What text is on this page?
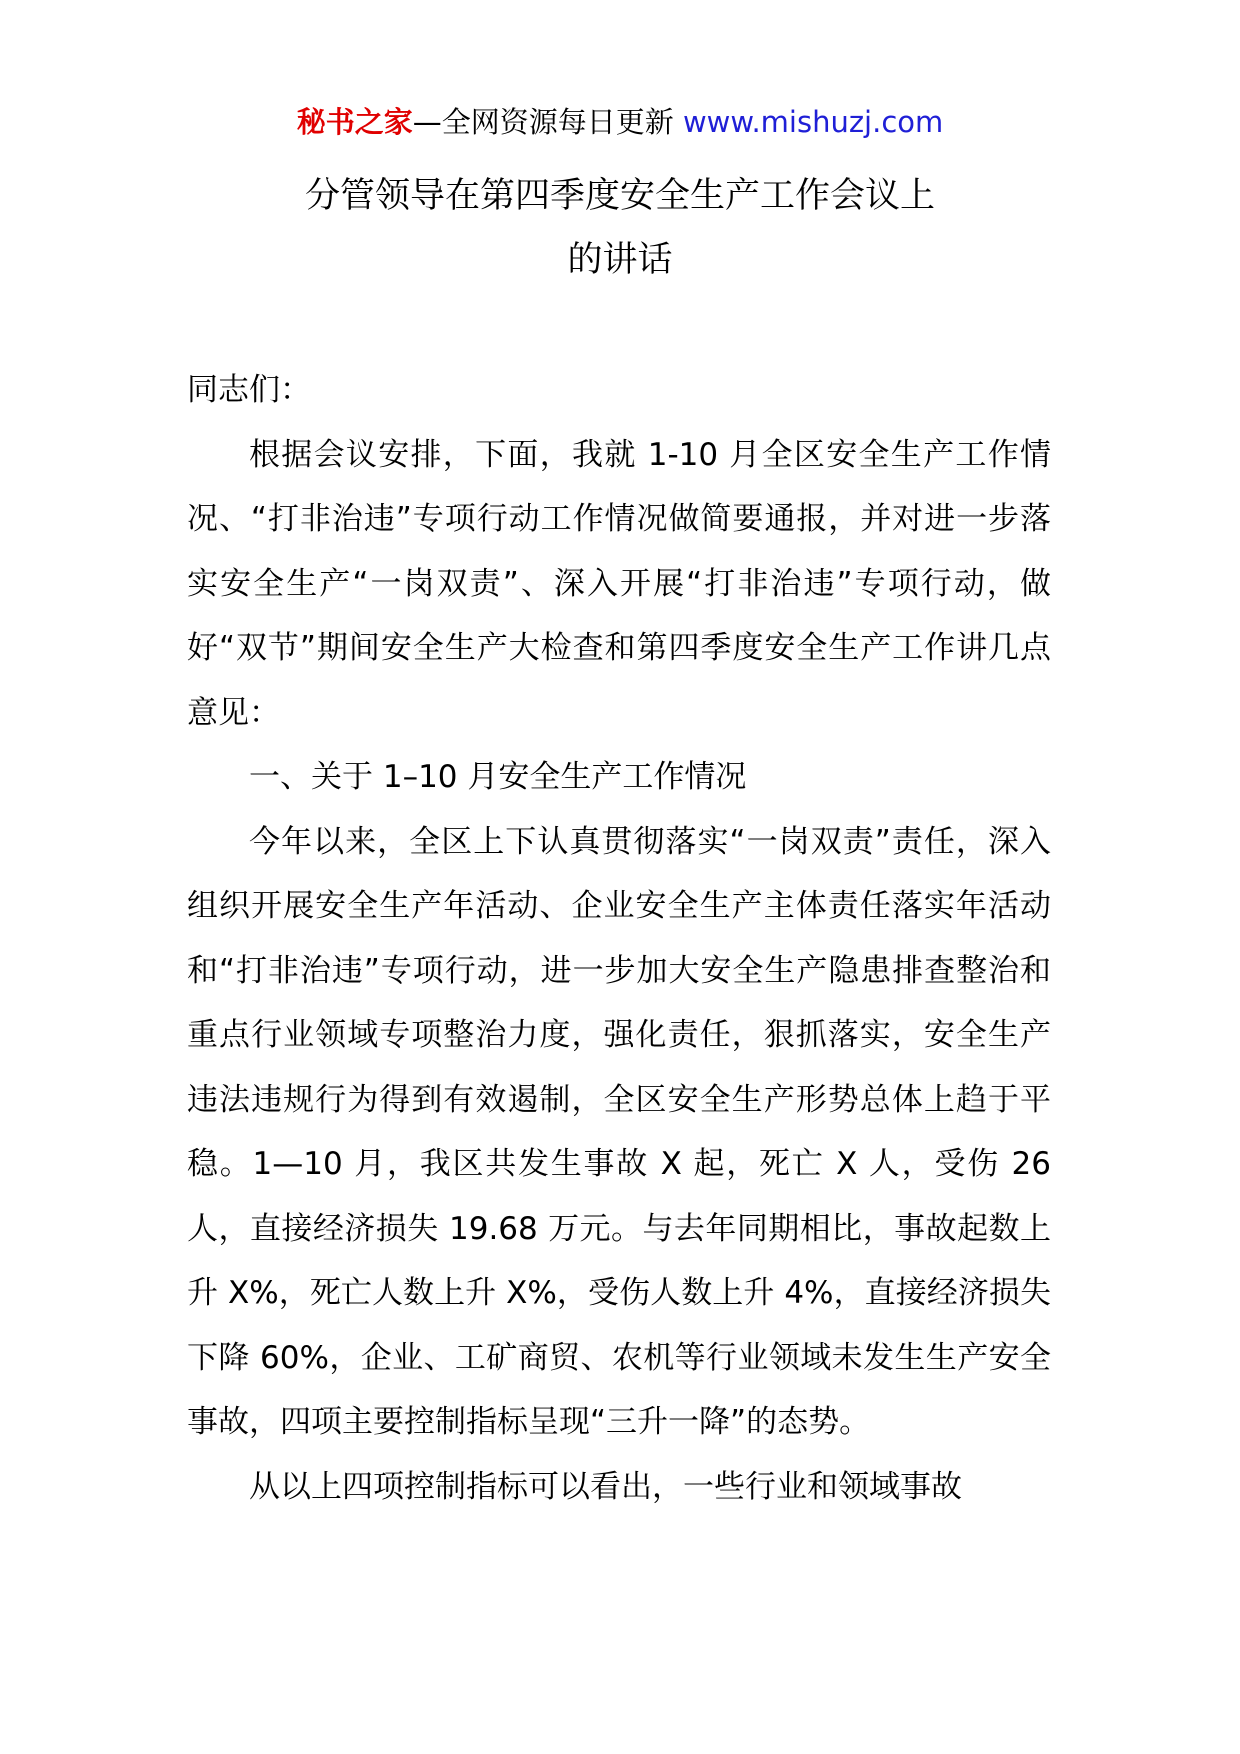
秘书之家—全网资源每日更新 www.mishuzj.com
分管领导在第四季度安全生产工作会议上
的讲话

同志们：

根据会议安排，下面，我就 1-10 月全区安全生产工作情况、“打非治违”专项行动工作情况做简要通报，并对进一步落实安全生产“一岗双责”、深入开展“打非治违”专项行动，做好“双节”期间安全生产大检查和第四季度安全生产工作讲几点意见：

一、关于 1–10 月安全生产工作情况

今年以来，全区上下认真贯彻落实“一岗双责”责任，深入组织开展安全生产年活动、企业安全生产主体责任落实年活动和“打非治违”专项行动，进一步加大安全生产隐患排查整治和重点行业领域专项整治力度，强化责任，狠抓落实，安全生产违法违规行为得到有效遏制，全区安全生产形势总体上趋于平稳。1—10 月，我区共发生事故 X 起，死亡 X 人，受伤 26 人，直接经济损失 19.68 万元。与去年同期相比，事故起数上升 X%，死亡人数上升 X%，受伤人数上升 4%，直接经济损失下降 60%，企业、工矿商贸、农机等行业领域未发生生产安全事故，四项主要控制指标呈现“三升一降”的态势。

从以上四项控制指标可以看出，一些行业和领域事故
